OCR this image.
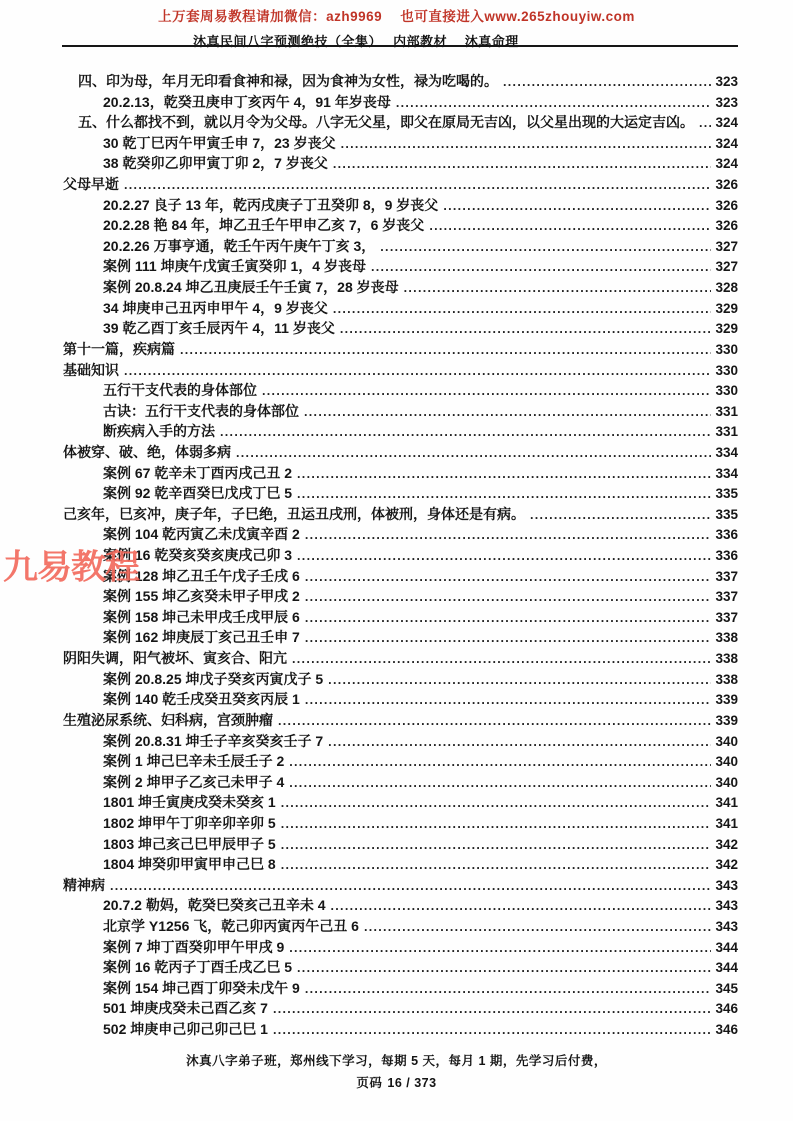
上万套周易教程请加微信：azh9969　 也可直接进入www.265zhouyiw.com
沐真民间八字预测绝技（全集）　 内部教材　 沐真命理
四、印为母，年月无印看食神和禄，因为食神为女性，禄为吃喝的。 .....	323
20.2.13，乾癸丑庚申丁亥丙午 4，91 年岁丧母 .....	323
五、什么都找不到，就以月令为父母。八字无父星，即父在原局无吉凶，以父星出现的大运定吉凶。 ..... 324
30 乾丁巳丙午甲寅壬申 7，23 岁丧父 .....	324
38 乾癸卯乙卯甲寅丁卯 2，7 岁丧父 .....	324
父母早逝 .....	326
20.2.27 良子 13 年，乾丙戌庚子丁丑癸卯 8，9 岁丧父 .....	326
20.2.28 艳 84 年，坤乙丑壬午甲申乙亥 7，6 岁丧父 .....	326
20.2.26 万事亨通，乾壬午丙午庚午丁亥 3， .....	327
案例 111 坤庚午戊寅壬寅癸卯 1，4 岁丧母 .....	327
案例 20.8.24 坤乙丑庚辰壬午壬寅 7，28 岁丧母 .....	328
34 坤庚申己丑丙申甲午 4，9 岁丧父 .....	329
39 乾乙酉丁亥壬辰丙午 4，11 岁丧父 .....	329
第十一篇，疾病篇 .....	330
基础知识 .....	330
五行干支代表的身体部位 .....	330
古诀：五行干支代表的身体部位 .....	331
断疾病入手的方法 .....	331
体被穿、破、绝，体弱多病 .....	334
案例 67 乾辛未丁酉丙戌己丑 2 .....	334
案例 92 乾辛酉癸巳戊戌丁巳 5 .....	335
己亥年，巳亥冲，庚子年，子巳绝，丑运丑戌刑，体被刑，身体还是有病。 .....	335
案例 104 乾丙寅乙未戊寅辛酉 2 .....	336
案例 16 乾癸亥癸亥庚戌己卯 3 .....	336
案例 128 坤乙丑壬午戊子壬戌 6 .....	337
案例 155 坤乙亥癸未甲子甲戌 2 .....	337
案例 158 坤己未甲戌壬戌甲辰 6 .....	337
案例 162 坤庚辰丁亥己丑壬申 7 .....	338
阴阳失调，阳气被坏、寅亥合、阳亢 .....	338
案例 20.8.25 坤戊子癸亥丙寅戊子 5 .....	338
案例 140 乾壬戌癸丑癸亥丙辰 1 .....	339
生殖泌尿系统、妇科病，宫颈肿瘤 .....	339
案例 20.8.31 坤壬子辛亥癸亥壬子 7 .....	340
案例 1 坤己巳辛未壬辰壬子 2 .....	340
案例 2 坤甲子乙亥己未甲子 4 .....	340
1801 坤壬寅庚戌癸未癸亥 1 .....	341
1802 坤甲午丁卯辛卯辛卯 5 .....	341
1803 坤己亥己巳甲辰甲子 5 .....	342
1804 坤癸卯甲寅甲申己巳 8 .....	342
精神病 .....	343
20.7.2 勒妈，乾癸巳癸亥己丑辛未 4 .....	343
北京学 Y1256 飞，乾己卯丙寅丙午己丑 6 .....	343
案例 7 坤丁酉癸卯甲午甲戌 9 .....	344
案例 16 乾丙子丁酉壬戌乙巳 5 .....	344
案例 154 坤己酉丁卯癸未戊午 9 .....	345
501 坤庚戌癸未己酉乙亥 7 .....	346
502 坤庚申己卯己卯己巳 1 .....	346
九易教程
沐真八字弟子班，郑州线下学习，每期 5 天，每月 1 期，先学习后付费，
页码 16 / 373
